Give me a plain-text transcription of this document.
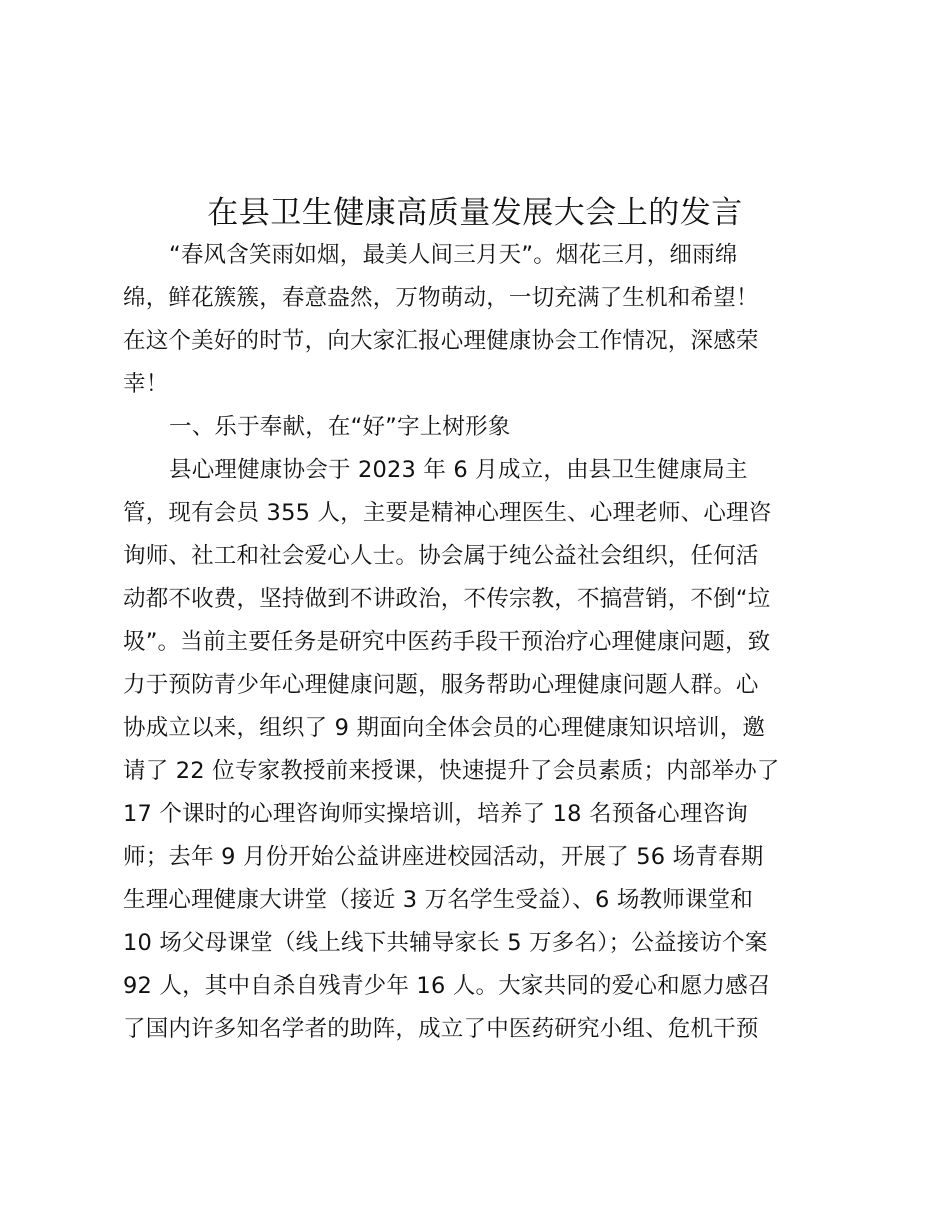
在县卫生健康高质量发展大会上的发言
“春风含笑雨如烟，最美人间三月天”。烟花三月，细雨绵
绵，鲜花簇簇，春意盎然，万物萌动，一切充满了生机和希望！
在这个美好的时节，向大家汇报心理健康协会工作情况，深感荣
幸！
一、乐于奉献，在“好”字上树形象
县心理健康协会于 2023 年 6 月成立，由县卫生健康局主
管，现有会员 355 人，主要是精神心理医生、心理老师、心理咨
询师、社工和社会爱心人士。协会属于纯公益社会组织，任何活
动都不收费，坚持做到不讲政治，不传宗教，不搞营销，不倒“垃
圾”。当前主要任务是研究中医药手段干预治疗心理健康问题，致
力于预防青少年心理健康问题，服务帮助心理健康问题人群。心
协成立以来，组织了 9 期面向全体会员的心理健康知识培训，邀
请了 22 位专家教授前来授课，快速提升了会员素质；内部举办了
17 个课时的心理咨询师实操培训，培养了 18 名预备心理咨询
师；去年 9 月份开始公益讲座进校园活动，开展了 56 场青春期
生理心理健康大讲堂（接近 3 万名学生受益）、6 场教师课堂和
10 场父母课堂（线上线下共辅导家长 5 万多名）；公益接访个案
92 人，其中自杀自残青少年 16 人。大家共同的爱心和愿力感召
了国内许多知名学者的助阵，成立了中医药研究小组、危机干预
